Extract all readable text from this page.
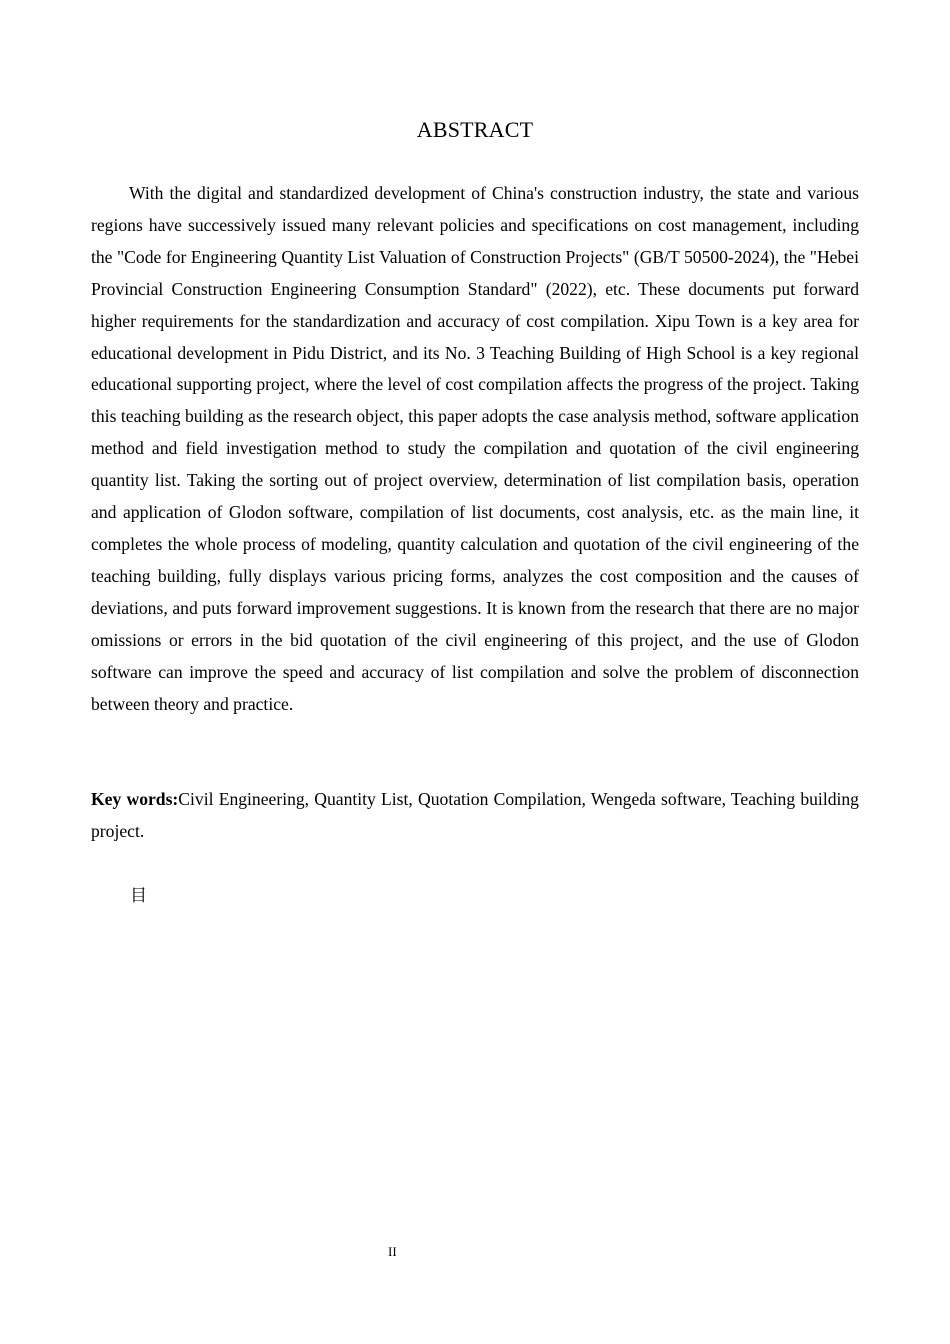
ABSTRACT

With the digital and standardized development of China's construction industry, the state and various regions have successively issued many relevant policies and specifications on cost management, including the "Code for Engineering Quantity List Valuation of Construction Projects" (GB/T 50500-2024), the "Hebei Provincial Construction Engineering Consumption Standard" (2022), etc. These documents put forward higher requirements for the standardization and accuracy of cost compilation. Xipu Town is a key area for educational development in Pidu District, and its No. 3 Teaching Building of High School is a key regional educational supporting project, where the level of cost compilation affects the progress of the project. Taking this teaching building as the research object, this paper adopts the case analysis method, software application method and field investigation method to study the compilation and quotation of the civil engineering quantity list. Taking the sorting out of project overview, determination of list compilation basis, operation and application of Glodon software, compilation of list documents, cost analysis, etc. as the main line, it completes the whole process of modeling, quantity calculation and quotation of the civil engineering of the teaching building, fully displays various pricing forms, analyzes the cost composition and the causes of deviations, and puts forward improvement suggestions. It is known from the research that there are no major omissions or errors in the bid quotation of the civil engineering of this project, and the use of Glodon software can improve the speed and accuracy of list compilation and solve the problem of disconnection between theory and practice.

Key words:Civil Engineering, Quantity List, Quotation Compilation, Wengeda software, Teaching building project.

目
II
